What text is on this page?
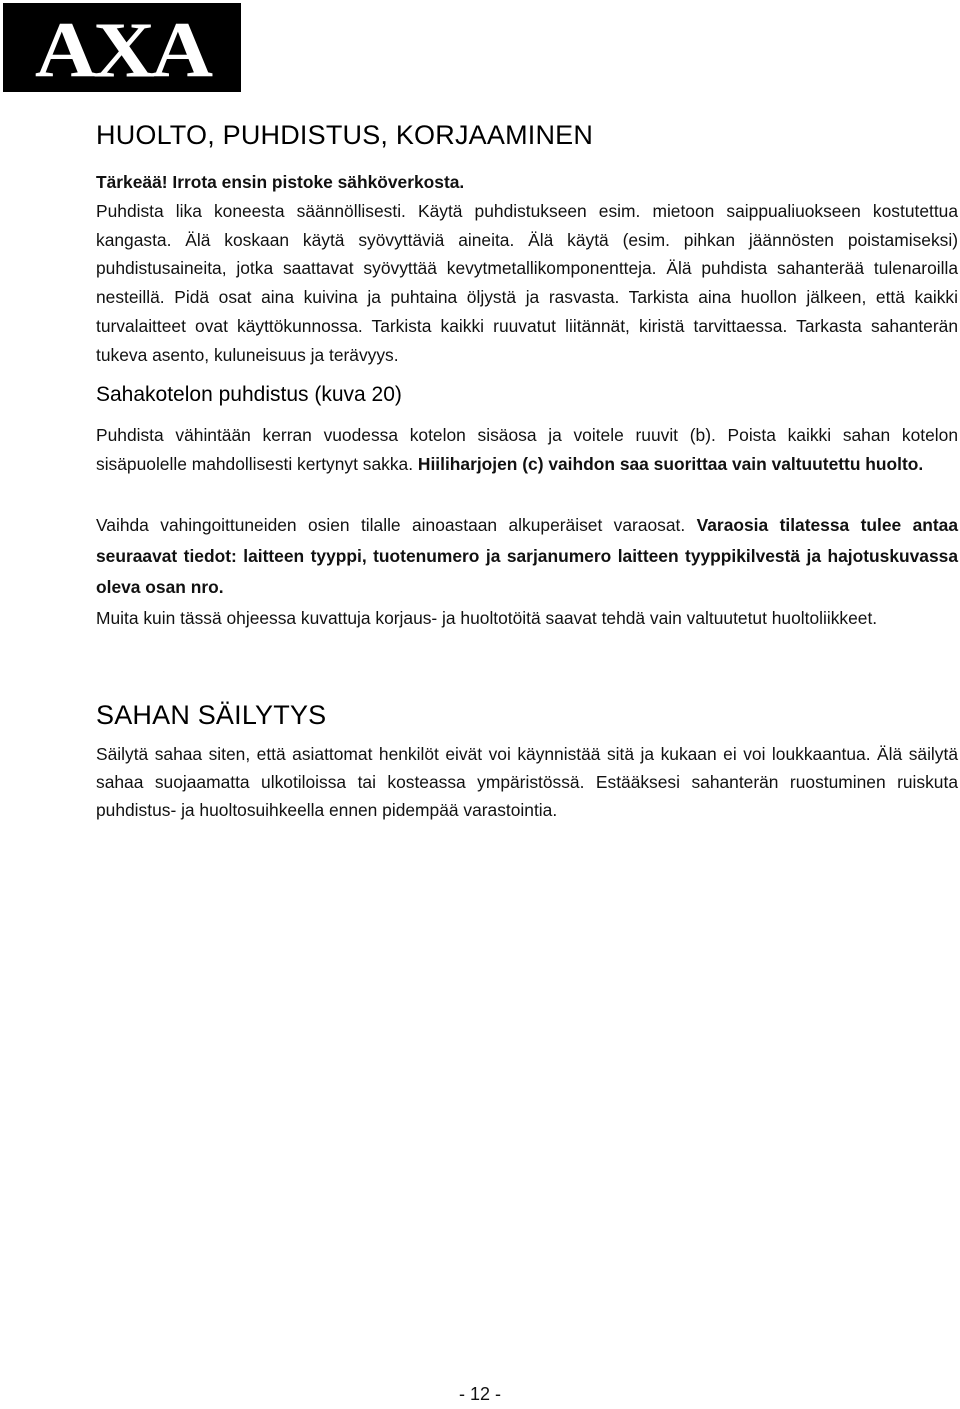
AXA
HUOLTO, PUHDISTUS, KORJAAMINEN

Tärkeää! Irrota ensin pistoke sähköverkosta.

Puhdista lika koneesta säännöllisesti. Käytä puhdistukseen esim. mietoon saippualiuokseen kostutettua kangasta. Älä koskaan käytä syövyttäviä aineita. Älä käytä (esim. pihkan jäännösten poistamiseksi) puhdistusaineita, jotka saattavat syövyttää kevytmetallikomponentteja. Älä puhdista sahanterää tulenaroilla nesteillä. Pidä osat aina kuivina ja puhtaina öljystä ja rasvasta. Tarkista aina huollon jälkeen, että kaikki turvalaitteet ovat käyttökunnossa. Tarkista kaikki ruuvatut liitännät, kiristä tarvittaessa. Tarkasta sahanterän tukeva asento, kuluneisuus ja terävyys.

Sahakotelon puhdistus (kuva 20)

Puhdista vähintään kerran vuodessa kotelon sisäosa ja voitele ruuvit (b). Poista kaikki sahan kotelon sisäpuolelle mahdollisesti kertynyt sakka. Hiiliharjojen (c) vaihdon saa suorittaa vain valtuutettu huolto.

Vaihda vahingoittuneiden osien tilalle ainoastaan alkuperäiset varaosat. Varaosia tilatessa tulee antaa seuraavat tiedot: laitteen tyyppi, tuotenumero ja sarjanumero laitteen tyyppikilvestä ja hajotuskuvassa oleva osan nro.

Muita kuin tässä ohjeessa kuvattuja korjaus- ja huoltotöitä saavat tehdä vain valtuutetut huoltoliikkeet.

SAHAN SÄILYTYS

Säilytä sahaa siten, että asiattomat henkilöt eivät voi käynnistää sitä ja kukaan ei voi loukkaantua. Älä säilytä sahaa suojaamatta ulkotiloissa tai kosteassa ympäristössä. Estääksesi sahanterän ruostuminen ruiskuta puhdistus- ja huoltosuihkeella ennen pidempää varastointia.

- 12 -
